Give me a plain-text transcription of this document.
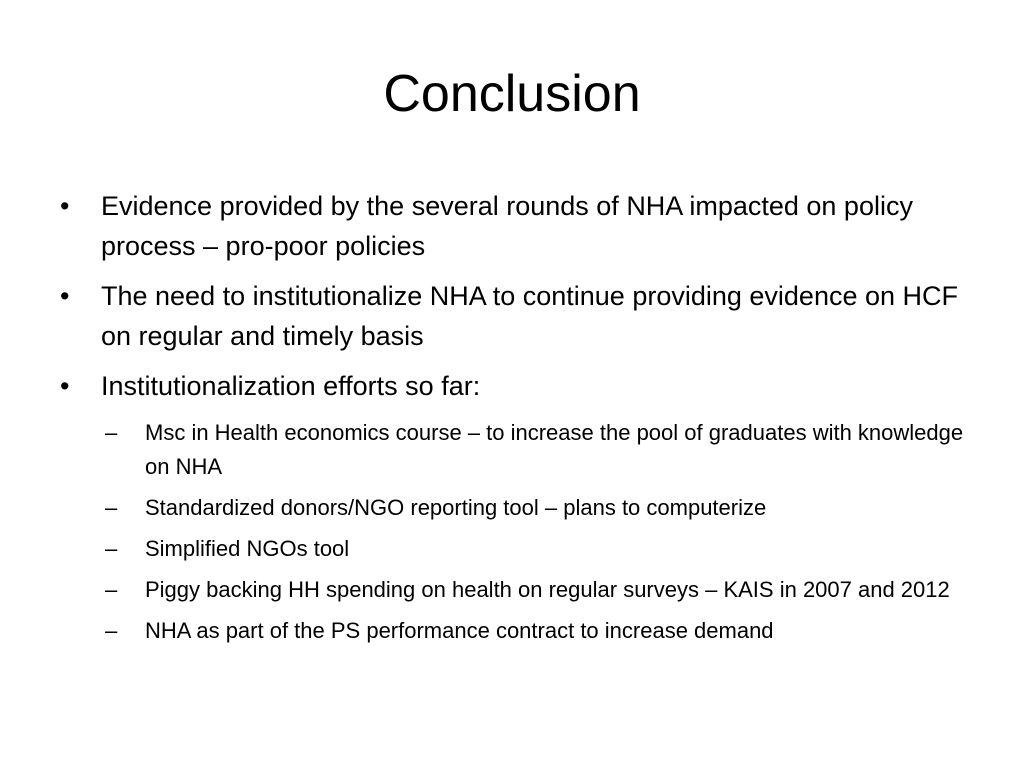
Conclusion
•	Evidence provided by the several rounds of NHA impacted on policy process – pro-poor policies
•	The need to institutionalize NHA to continue providing evidence on HCF on regular and timely basis
•	Institutionalization efforts so far:
–	Msc in Health economics course – to increase the pool of graduates with knowledge on NHA
–	Standardized donors/NGO reporting tool – plans to computerize
–	Simplified NGOs tool
–	Piggy backing HH spending on health on regular surveys – KAIS in 2007 and 2012
–	NHA as part of the PS performance contract to increase demand
